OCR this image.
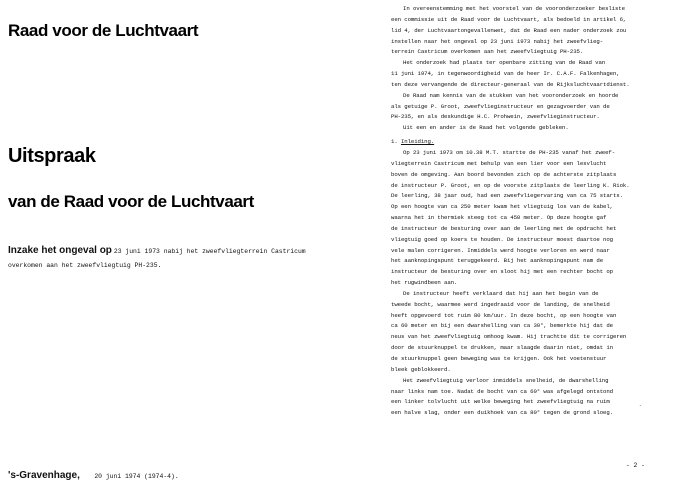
Raad voor de Luchtvaart
Uitspraak
van de Raad voor de Luchtvaart
Inzake het ongeval op 23 juni 1973 nabij het zweefvliegterrein Castricum
overkomen aan het zweefvliegtuig PH-235.
's-Gravenhage, 20 juni 1974 (1974-4).
In overeenstemming met het voorstel van de vooronderzoeker besliste
een commissie uit de Raad voor de Luchtvaart, als bedoeld in artikel 6,
lid 4, der Luchtvaartongevallenwet, dat de Raad een nader onderzoek zou
instellen naar het ongeval op 23 juni 1973 nabij het zweefvlieg-
terrein Castricum overkomen aan het zweefvliegtuig PH-235.
Het onderzoek had plaats ter openbare zitting van de Raad van
11 juni 1974, in tegenwoordigheid van de heer Ir. C.A.F. Falkenhagen,
ten deze vervangende de directeur-generaal van de Rijksluchtvaartdienst.
De Raad nam kennis van de stukken van het vooronderzoek en hoorde
als getuige P. Groot, zweefvlieginstructeur en gezagvoerder van de
PH-235, en als deskundige H.C. Prohwein, zweefvlieginstructeur.
Uit een en ander is de Raad het volgende gebleken.
1. Inleiding.
Op 23 juni 1973 om 10.38 M.T. startte de PH-235 vanaf het zweef-
vliegterrein Castricum met behulp van een lier voor een lesvlucht
boven de omgeving. Aan boord bevonden zich op de achterste zitplaats
de instructeur P. Groot, en op de voorste zitplaats de leerling K. Riok.
De leerling, 38 jaar oud, had een zweefvliegervaring van ca 75 starts.
Op een hoogte van ca 250 meter kwam het vliegtuig los van de kabel,
waarna het in thermiek steeg tot ca 450 meter. Op deze hoogte gaf
de instructeur de besturing over aan de leerling met de opdracht het
vliegtuig goed op koers te houden. De instructeur moest daartoe nog
vele malen corrigeren. Inmiddels werd hoogte verloren en werd naar
het aanknopingspunt teruggekeerd. Bij het aanknopingspunt nam de
instructeur de besturing over en sloot hij met een rechter bocht op
het rugwindbeen aan.
De instructeur heeft verklaard dat hij aan het begin van de
tweede bocht, waarmee werd ingedraaid voor de landing, de snelheid
heeft opgevoerd tot ruim 80 km/uur. In deze bocht, op een hoogte van
ca 60 meter en bij een dwarshelling van ca 30°, bemerkte hij dat de
neus van het zweefvliegtuig omhoog kwam. Hij trachtte dit te corrigeren
door de stuurknuppel te drukken, maar slaagde daarin niet, omdat in
de stuurknuppel geen beweging was te krijgen. Ook het voetenstuur
bleek geblokkeerd.
Het zweefvliegtuig verloor inmiddels snelheid, de dwarshelling
naar links nam toe. Nadat de bocht van ca 60° was afgelegd ontstond
een linker tolvlucht uit welke beweging het zweefvliegtuig na ruim
een halve slag, onder een duikhoek van ca 80° tegen de grond sloeg.
`
- 2 -
